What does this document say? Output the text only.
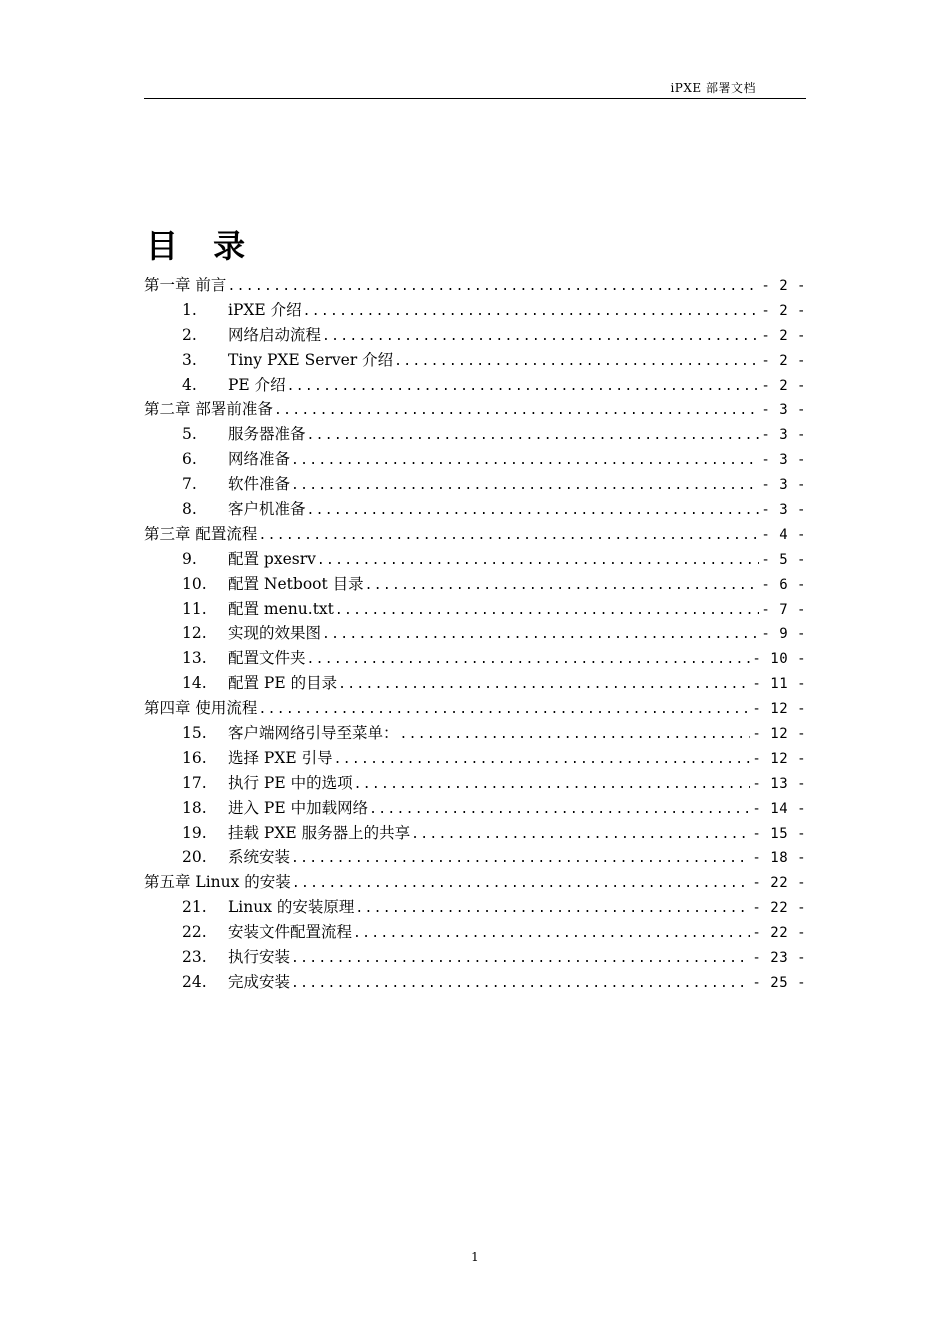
iPXE 部署文档
目 录
第一章 前言 .....	- 2 -
1.	iPXE 介绍 .....	- 2 -
2.	网络启动流程 .....	- 2 -
3.	Tiny PXE Server 介绍 .....	- 2 -
4.	PE 介绍 .....	- 2 -
第二章 部署前准备 .....	- 3 -
5.	服务器准备 .....	- 3 -
6.	网络准备 .....	- 3 -
7.	软件准备 .....	- 3 -
8.	客户机准备 .....	- 3 -
第三章 配置流程 .....	- 4 -
9.	配置 pxesrv .....	- 5 -
10.	配置 Netboot 目录 .....	- 6 -
11.	配置 menu.txt .....	- 7 -
12.	实现的效果图 .....	- 9 -
13.	配置文件夹 .....	- 10 -
14.	配置 PE 的目录 .....	- 11 -
第四章 使用流程 .....	- 12 -
15.	客户端网络引导至菜单： .....	- 12 -
16.	选择 PXE 引导 .....	- 12 -
17.	执行 PE 中的选项 .....	- 13 -
18.	进入 PE 中加载网络 .....	- 14 -
19.	挂载 PXE 服务器上的共享 .....	- 15 -
20.	系统安装 .....	- 18 -
第五章 Linux 的安装 .....	- 22 -
21.	Linux 的安装原理 .....	- 22 -
22.	安装文件配置流程 .....	- 22 -
23.	执行安装 .....	- 23 -
24.	完成安装 .....	- 25 -
1
